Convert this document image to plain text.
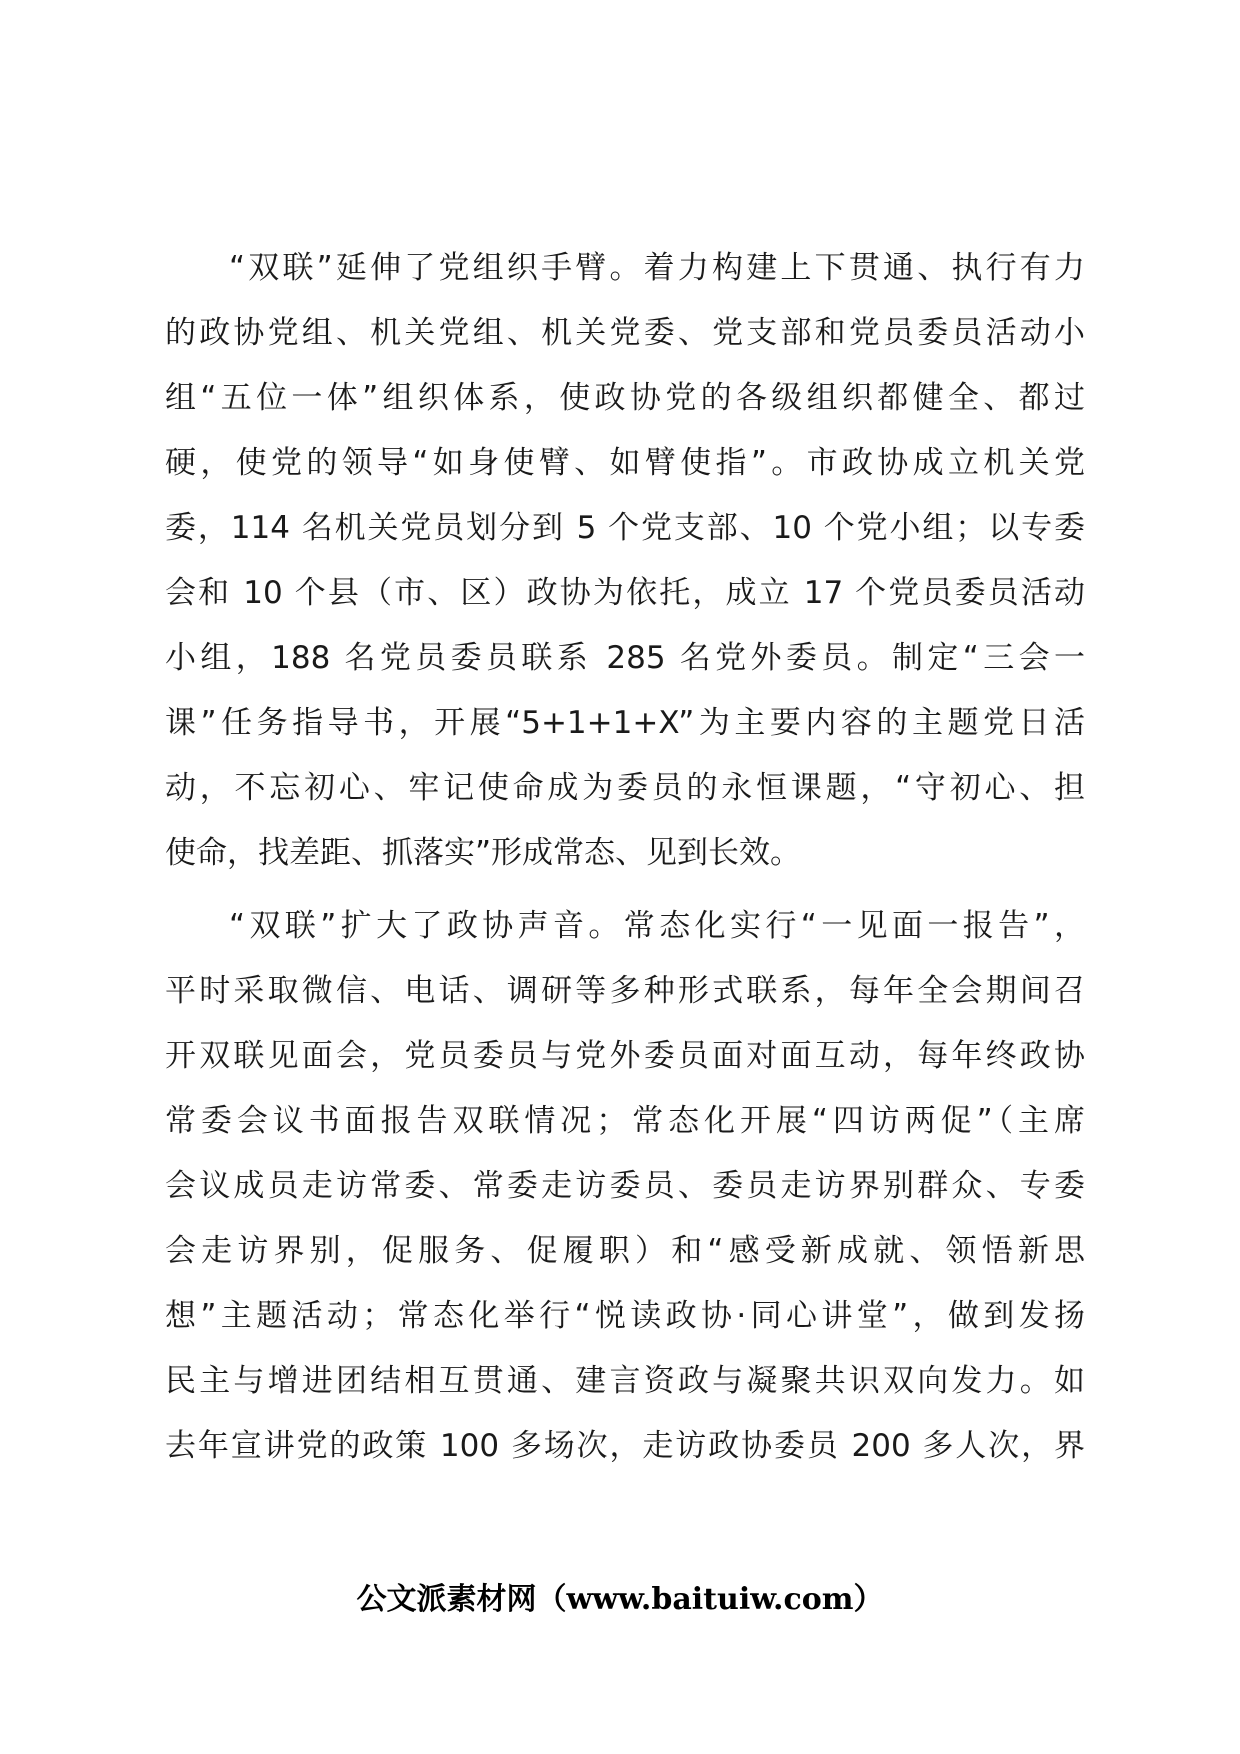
“双联”延伸了党组织手臂。着力构建上下贯通、执行有力
的政协党组、机关党组、机关党委、党支部和党员委员活动小
组“五位一体”组织体系，使政协党的各级组织都健全、都过
硬，使党的领导“如身使臂、如臂使指”。市政协成立机关党
委，114 名机关党员划分到 5 个党支部、10 个党小组；以专委
会和 10 个县（市、区）政协为依托，成立 17 个党员委员活动
小组，188 名党员委员联系 285 名党外委员。制定“三会一
课”任务指导书，开展“5+1+1+X”为主要内容的主题党日活
动，不忘初心、牢记使命成为委员的永恒课题，“守初心、担
使命，找差距、抓落实”形成常态、见到长效。
“双联”扩大了政协声音。常态化实行“一见面一报告”，
平时采取微信、电话、调研等多种形式联系，每年全会期间召
开双联见面会，党员委员与党外委员面对面互动，每年终政协
常委会议书面报告双联情况；常态化开展“四访两促”（主席
会议成员走访常委、常委走访委员、委员走访界别群众、专委
会走访界别，促服务、促履职）和“感受新成就、领悟新思
想”主题活动；常态化举行“悦读政协·同心讲堂”，做到发扬
民主与增进团结相互贯通、建言资政与凝聚共识双向发力。如
去年宣讲党的政策 100 多场次，走访政协委员 200 多人次，界
公文派素材网（www.baituiw.com）
